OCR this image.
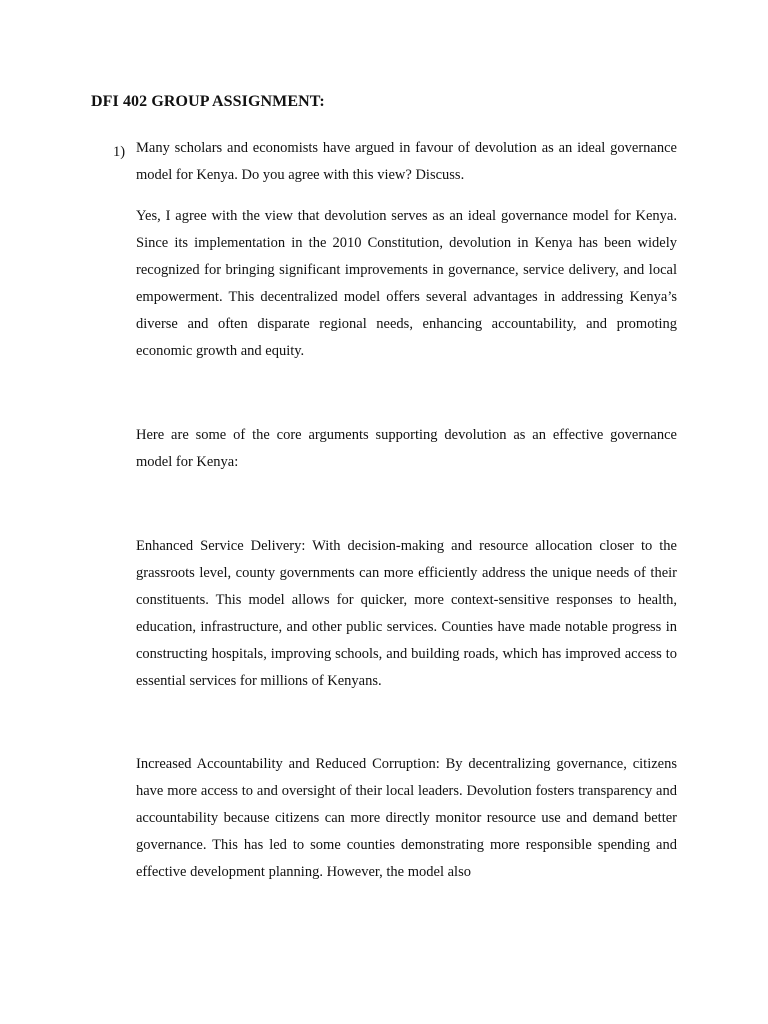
DFI 402 GROUP ASSIGNMENT:
1) Many scholars and economists have argued in favour of devolution as an ideal governance model for Kenya. Do you agree with this view? Discuss.

Yes, I agree with the view that devolution serves as an ideal governance model for Kenya. Since its implementation in the 2010 Constitution, devolution in Kenya has been widely recognized for bringing significant improvements in governance, service delivery, and local empowerment. This decentralized model offers several advantages in addressing Kenya’s diverse and often disparate regional needs, enhancing accountability, and promoting economic growth and equity.

Here are some of the core arguments supporting devolution as an effective governance model for Kenya:

Enhanced Service Delivery: With decision-making and resource allocation closer to the grassroots level, county governments can more efficiently address the unique needs of their constituents. This model allows for quicker, more context-sensitive responses to health, education, infrastructure, and other public services. Counties have made notable progress in constructing hospitals, improving schools, and building roads, which has improved access to essential services for millions of Kenyans.

Increased Accountability and Reduced Corruption: By decentralizing governance, citizens have more access to and oversight of their local leaders. Devolution fosters transparency and accountability because citizens can more directly monitor resource use and demand better governance. This has led to some counties demonstrating more responsible spending and effective development planning. However, the model also
